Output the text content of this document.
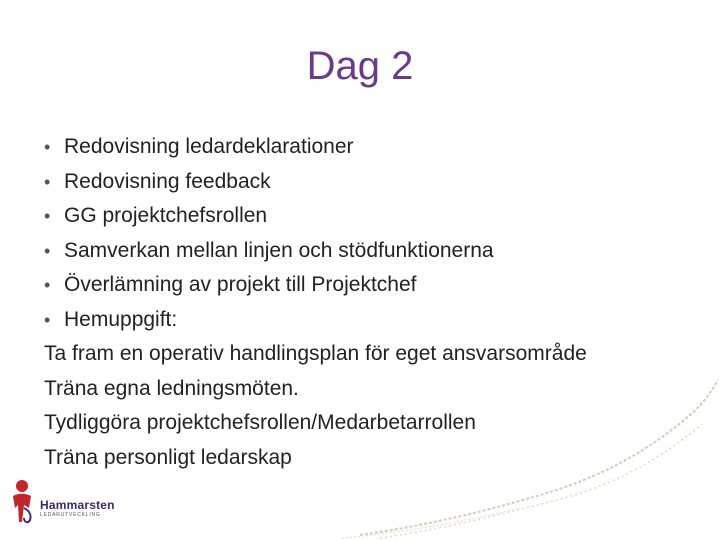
Dag 2
• Redovisning ledardeklarationer
• Redovisning feedback
• GG projektchefsrollen
• Samverkan mellan linjen och stödfunktionerna
• Överlämning av projekt till Projektchef
• Hemuppgift:
Ta fram en operativ handlingsplan för eget ansvarsområde
Träna egna ledningsmöten.
Tydliggöra projektchefsrollen/Medarbetarrollen
Träna personligt ledarskap
Hammarsten
LEDARUTVECKLING
